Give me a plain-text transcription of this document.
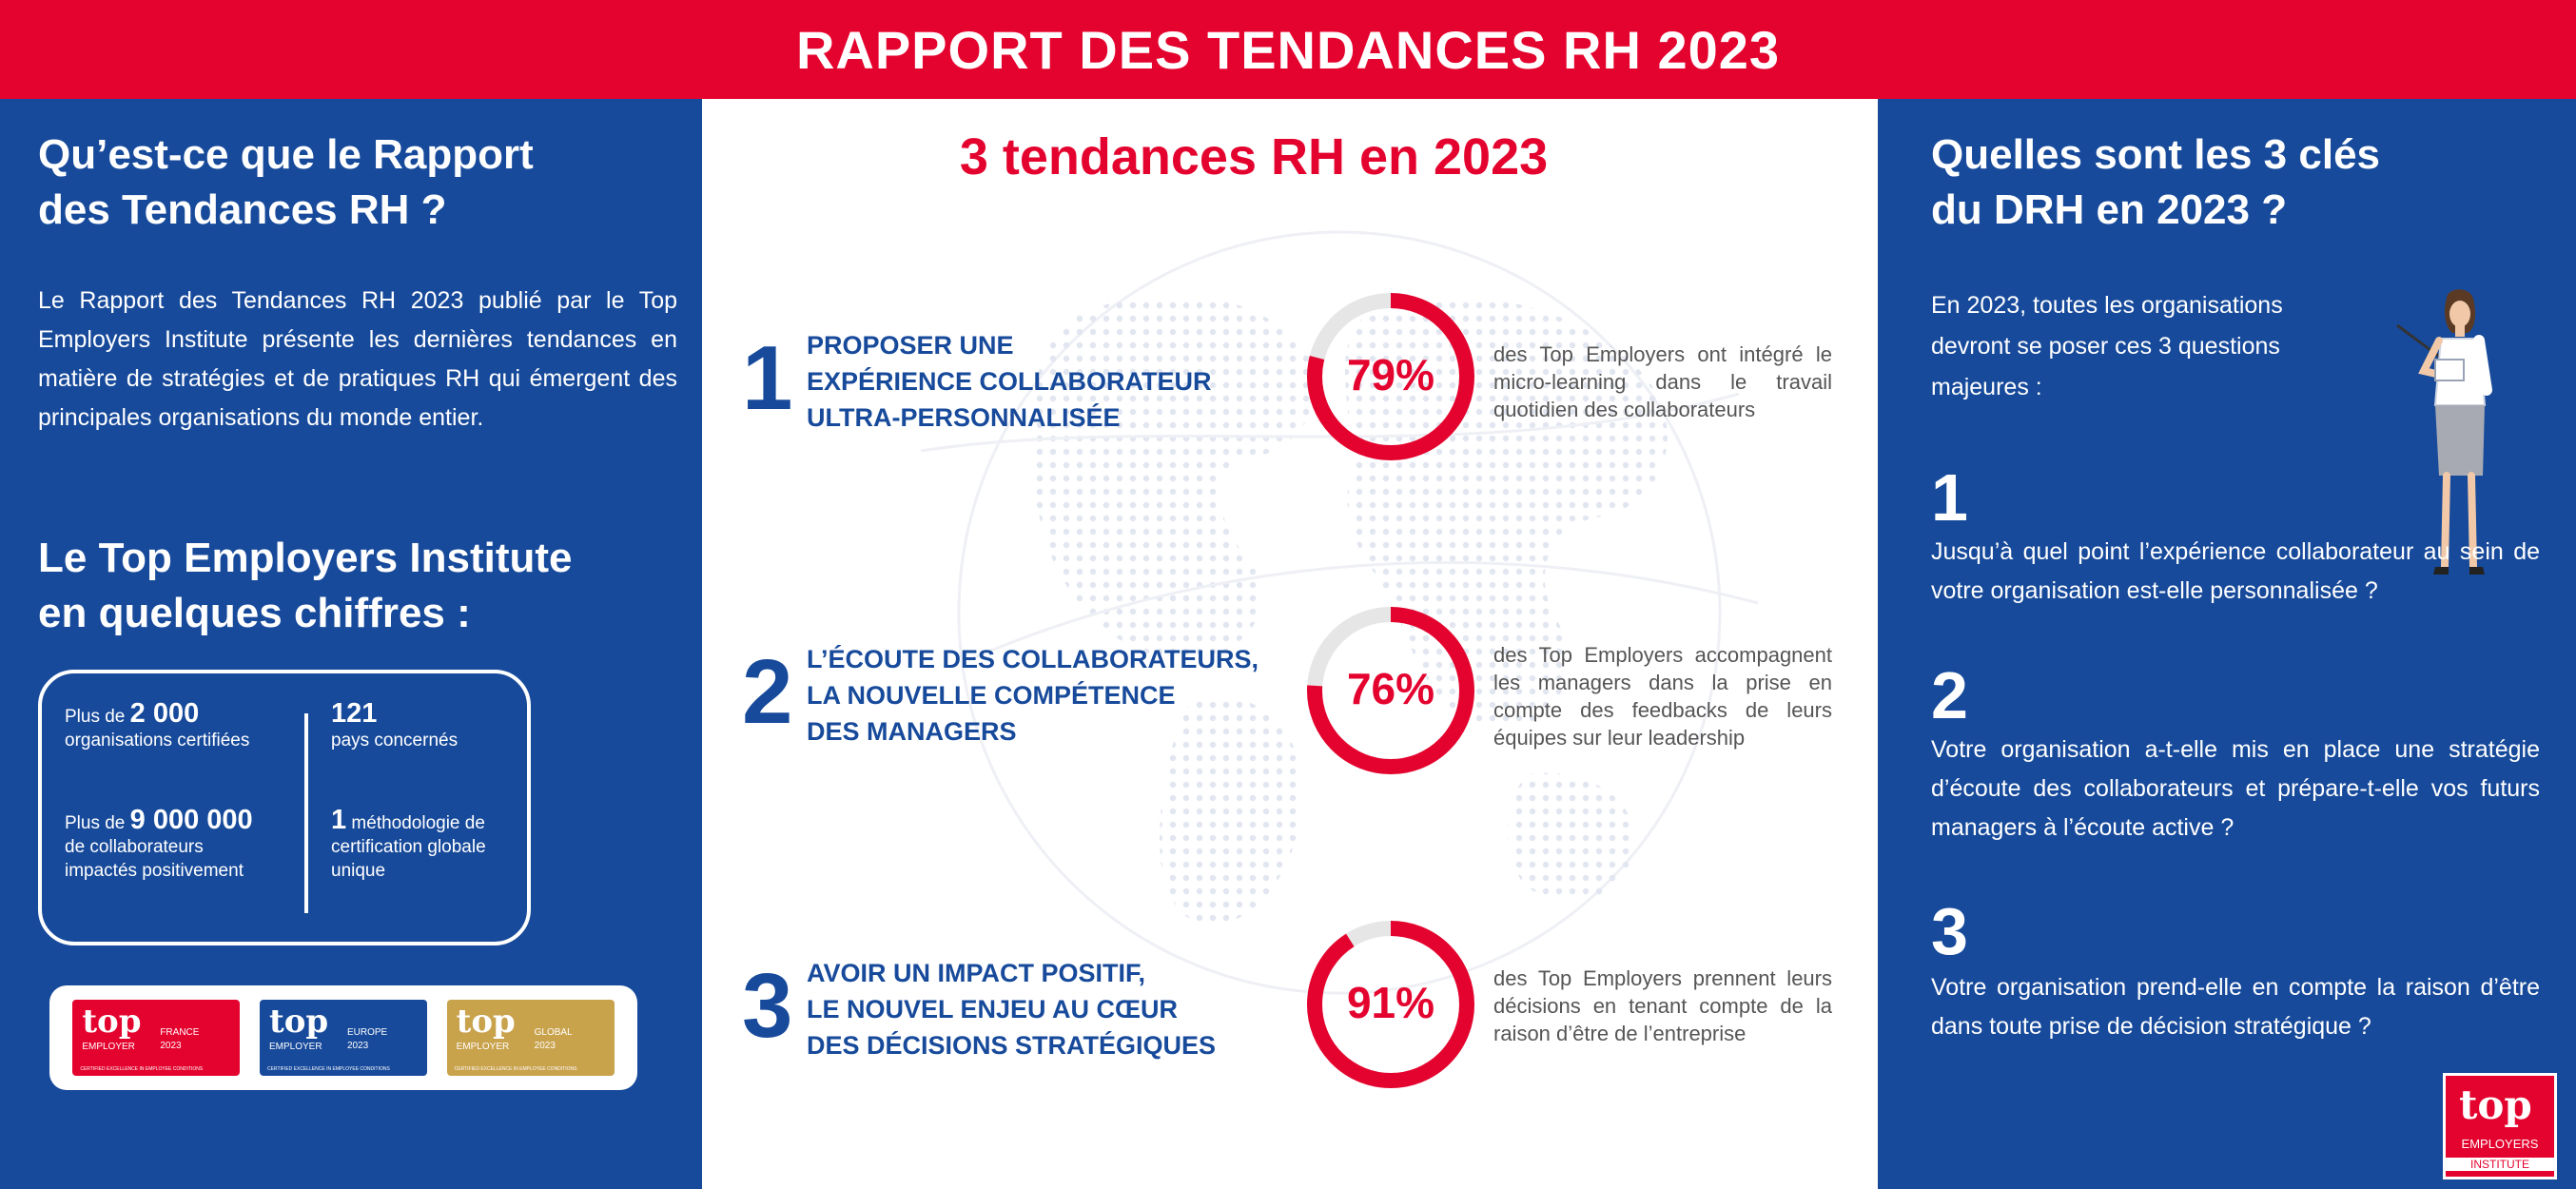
RAPPORT DES TENDANCES RH 2023
Qu’est-ce que le Rapport
des Tendances RH ?

Le Rapport des Tendances RH 2023 publié par le Top Employers Institute présente les dernières tendances en matière de stratégies et de pratiques RH qui émergent des principales organisations du monde entier.

Le Top Employers Institute
en quelques chiffres :
Plus de 2 000
organisations certifiées
121
pays concernés
Plus de 9 000 000
de collaborateurs
impactés positivement
1 méthodologie de
certification globale
unique
top
EMPLOYER
FRANCE
2023
CERTIFIED EXCELLENCE IN EMPLOYEE CONDITIONS
top
EMPLOYER
EUROPE
2023
CERTIFIED EXCELLENCE IN EMPLOYEE CONDITIONS
top
EMPLOYER
GLOBAL
2023
CERTIFIED EXCELLENCE IN EMPLOYEE CONDITIONS
3 tendances RH en 2023
1 PROPOSER UNE
EXPÉRIENCE COLLABORATEUR
ULTRA-PERSONNALISÉE
79%	des Top Employers ont intégré le micro-learning dans le travail quotidien des collaborateurs
2 L’ÉCOUTE DES COLLABORATEURS,
LA NOUVELLE COMPÉTENCE
DES MANAGERS
76%
des Top Employers accompagnent les managers dans la prise en compte des feedbacks de leurs équipes sur leur leadership
3 AVOIR UN IMPACT POSITIF,
LE NOUVEL ENJEU AU CŒUR
DES DÉCISIONS STRATÉGIQUES
91%	des Top Employers prennent leurs décisions en tenant compte de la raison d’être de l’entreprise
Quelles sont les 3 clés
du DRH en 2023 ?

En 2023, toutes les organisations devront se poser ces 3 questions majeures :

1

Jusqu’à quel point l’expérience collaborateur au sein de votre organisation est-elle personnalisée ?

2

Votre organisation a-t-elle mis en place une stratégie d’écoute des collaborateurs et prépare-t-elle vos futurs managers à l’écoute active ?

3

Votre organisation prend-elle en compte la raison d’être dans toute prise de décision stratégique ?

top
EMPLOYERS
INSTITUTE
